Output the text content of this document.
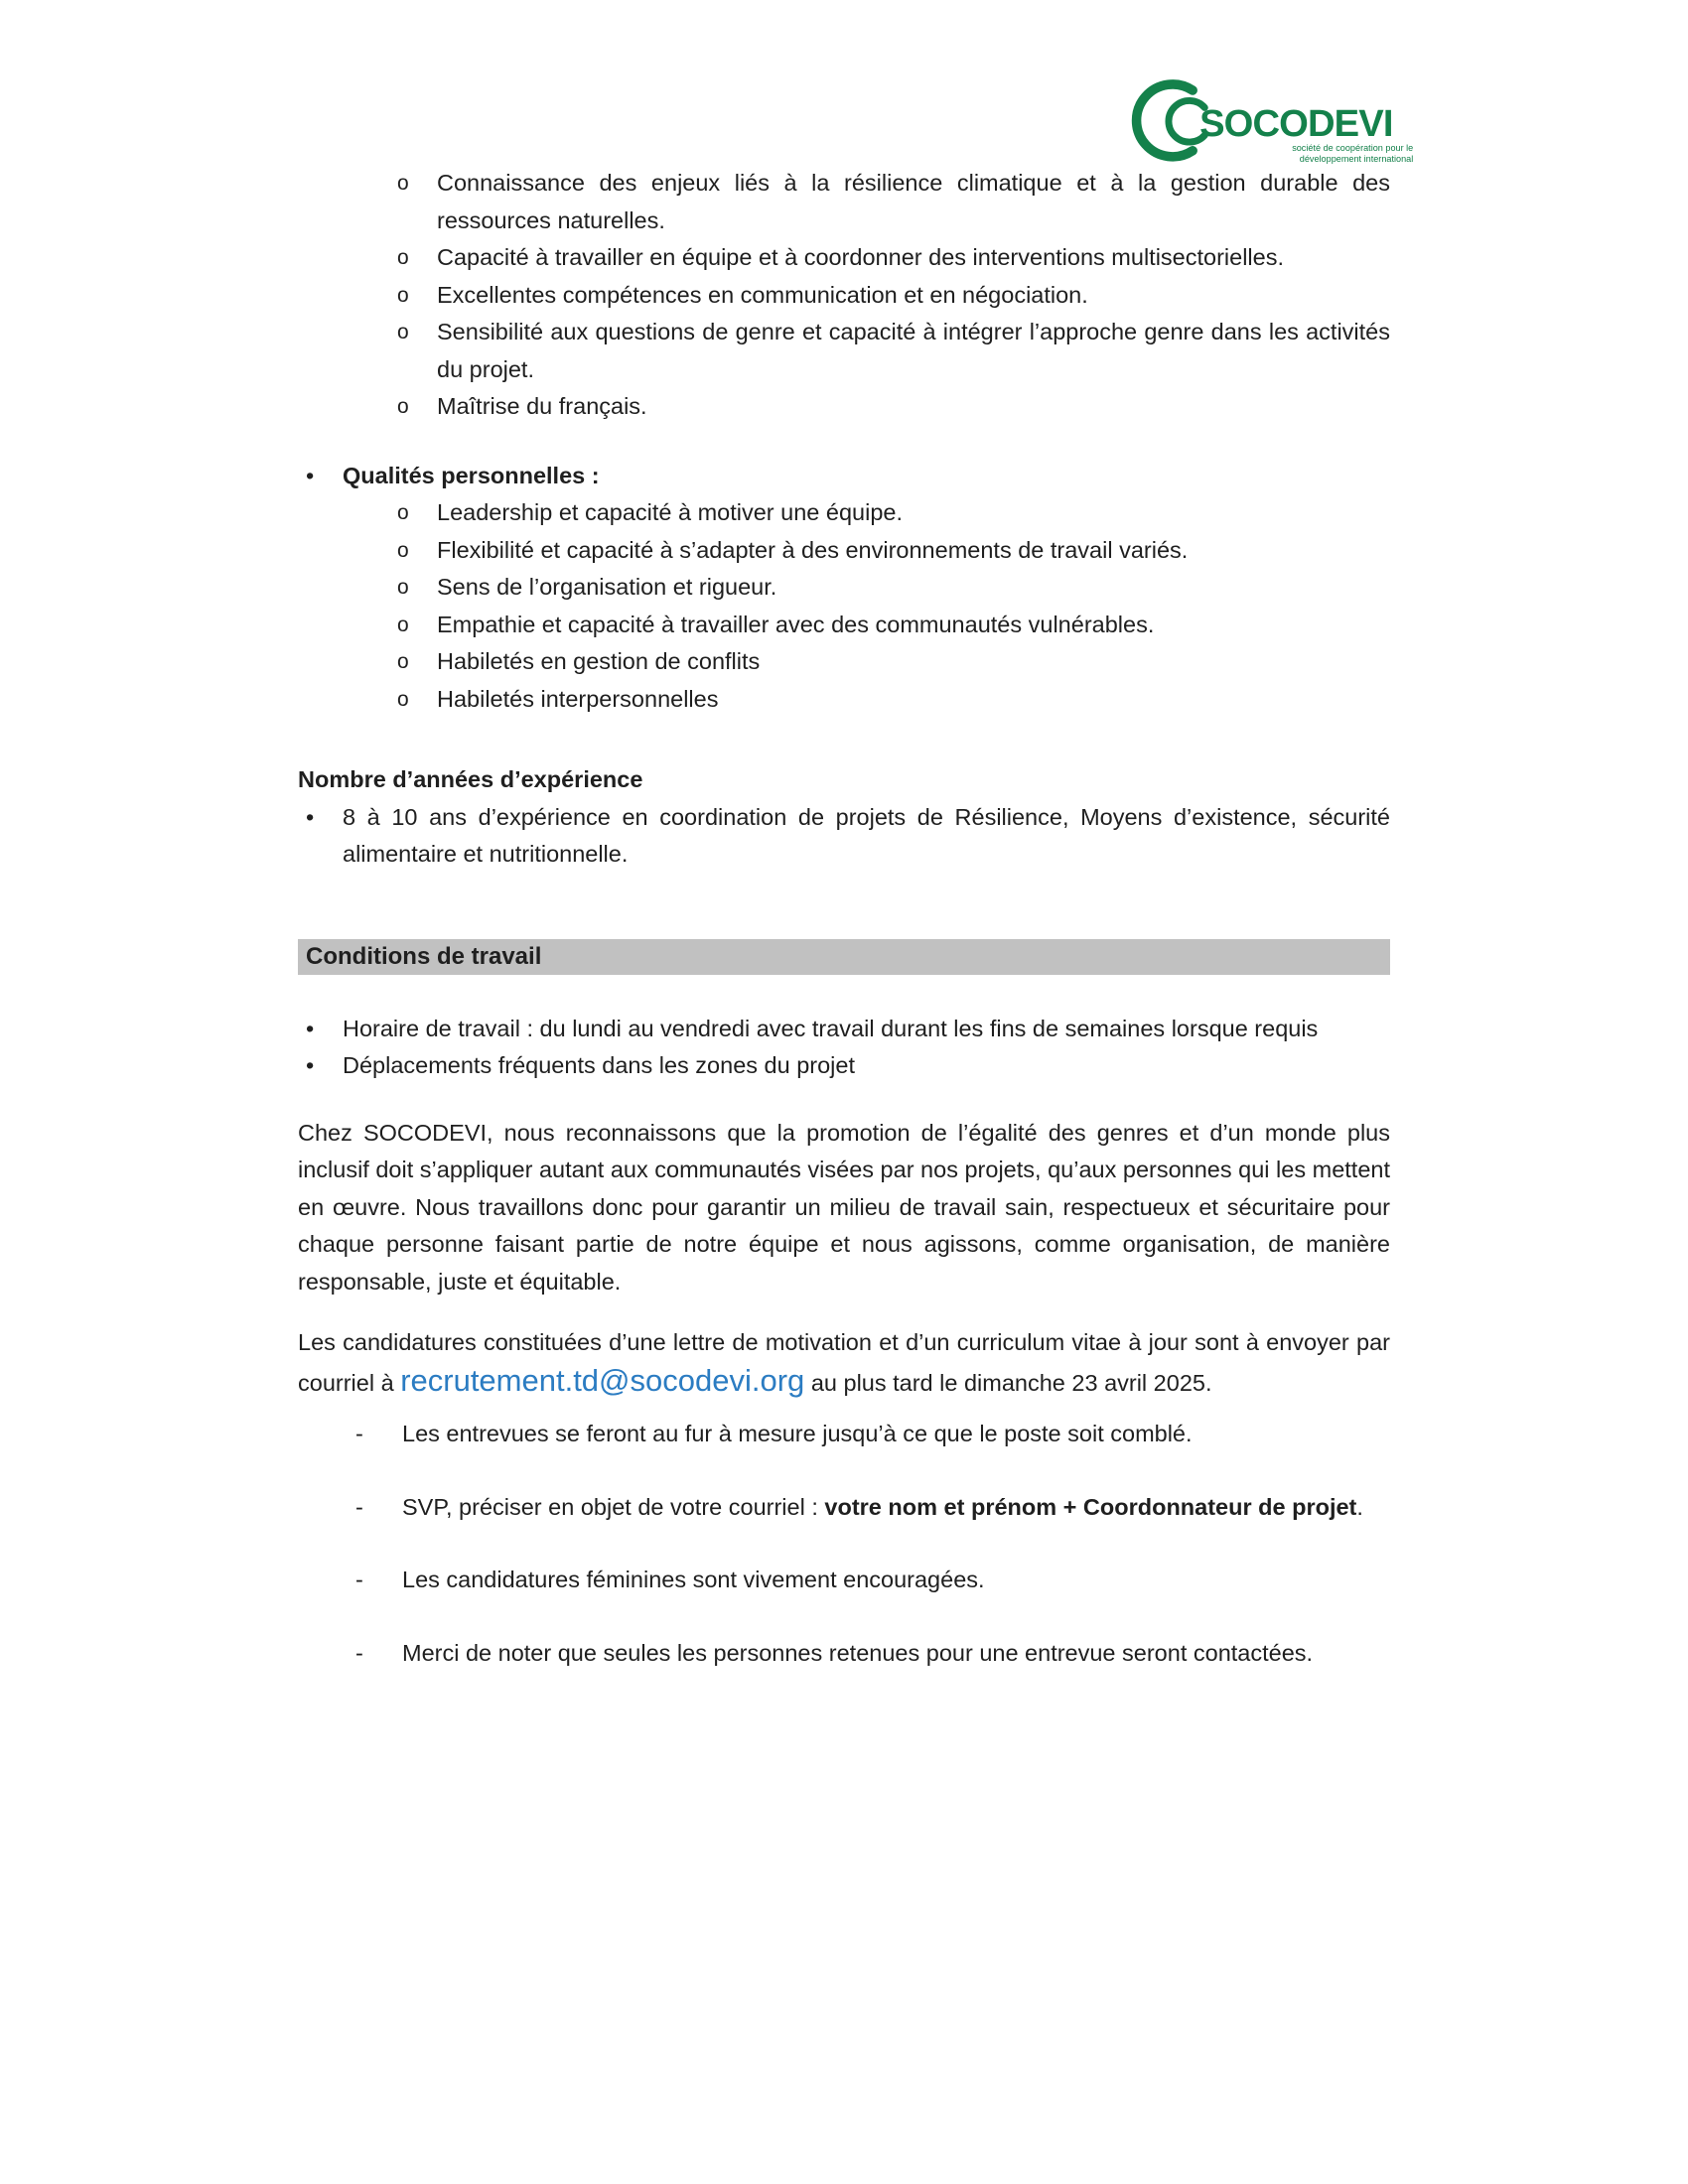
SOCODEVI
société de coopération pour le
développement international
o	Connaissance des enjeux liés à la résilience climatique et à la gestion durable des ressources naturelles.
o	Capacité à travailler en équipe et à coordonner des interventions multisectorielles.
o	Excellentes compétences en communication et en négociation.
o	Sensibilité aux questions de genre et capacité à intégrer l’approche genre dans les activités du projet.
o	Maîtrise du français.
•	Qualités personnelles :
o	Leadership et capacité à motiver une équipe.
o	Flexibilité et capacité à s’adapter à des environnements de travail variés.
o	Sens de l’organisation et rigueur.
o	Empathie et capacité à travailler avec des communautés vulnérables.
o	Habiletés en gestion de conflits
o	Habiletés interpersonnelles
Nombre d’années d’expérience
•	8 à 10 ans d’expérience en coordination de projets de Résilience, Moyens d’existence, sécurité alimentaire et nutritionnelle.
Conditions de travail
•	Horaire de travail : du lundi au vendredi avec travail durant les fins de semaines lorsque requis
•	Déplacements fréquents dans les zones du projet
Chez SOCODEVI, nous reconnaissons que la promotion de l’égalité des genres et d’un monde plus inclusif doit s’appliquer autant aux communautés visées par nos projets, qu’aux personnes qui les mettent en œuvre. Nous travaillons donc pour garantir un milieu de travail sain, respectueux et sécuritaire pour chaque personne faisant partie de notre équipe et nous agissons, comme organisation, de manière responsable, juste et équitable.
Les candidatures constituées d’une lettre de motivation et d’un curriculum vitae à jour sont à envoyer par courriel à recrutement.td@socodevi.org au plus tard le dimanche 23 avril 2025.
-	Les entrevues se feront au fur à mesure jusqu’à ce que le poste soit comblé.
-	SVP, préciser en objet de votre courriel : votre nom et prénom + Coordonnateur de projet.
-	Les candidatures féminines sont vivement encouragées.
-	Merci de noter que seules les personnes retenues pour une entrevue seront contactées.
